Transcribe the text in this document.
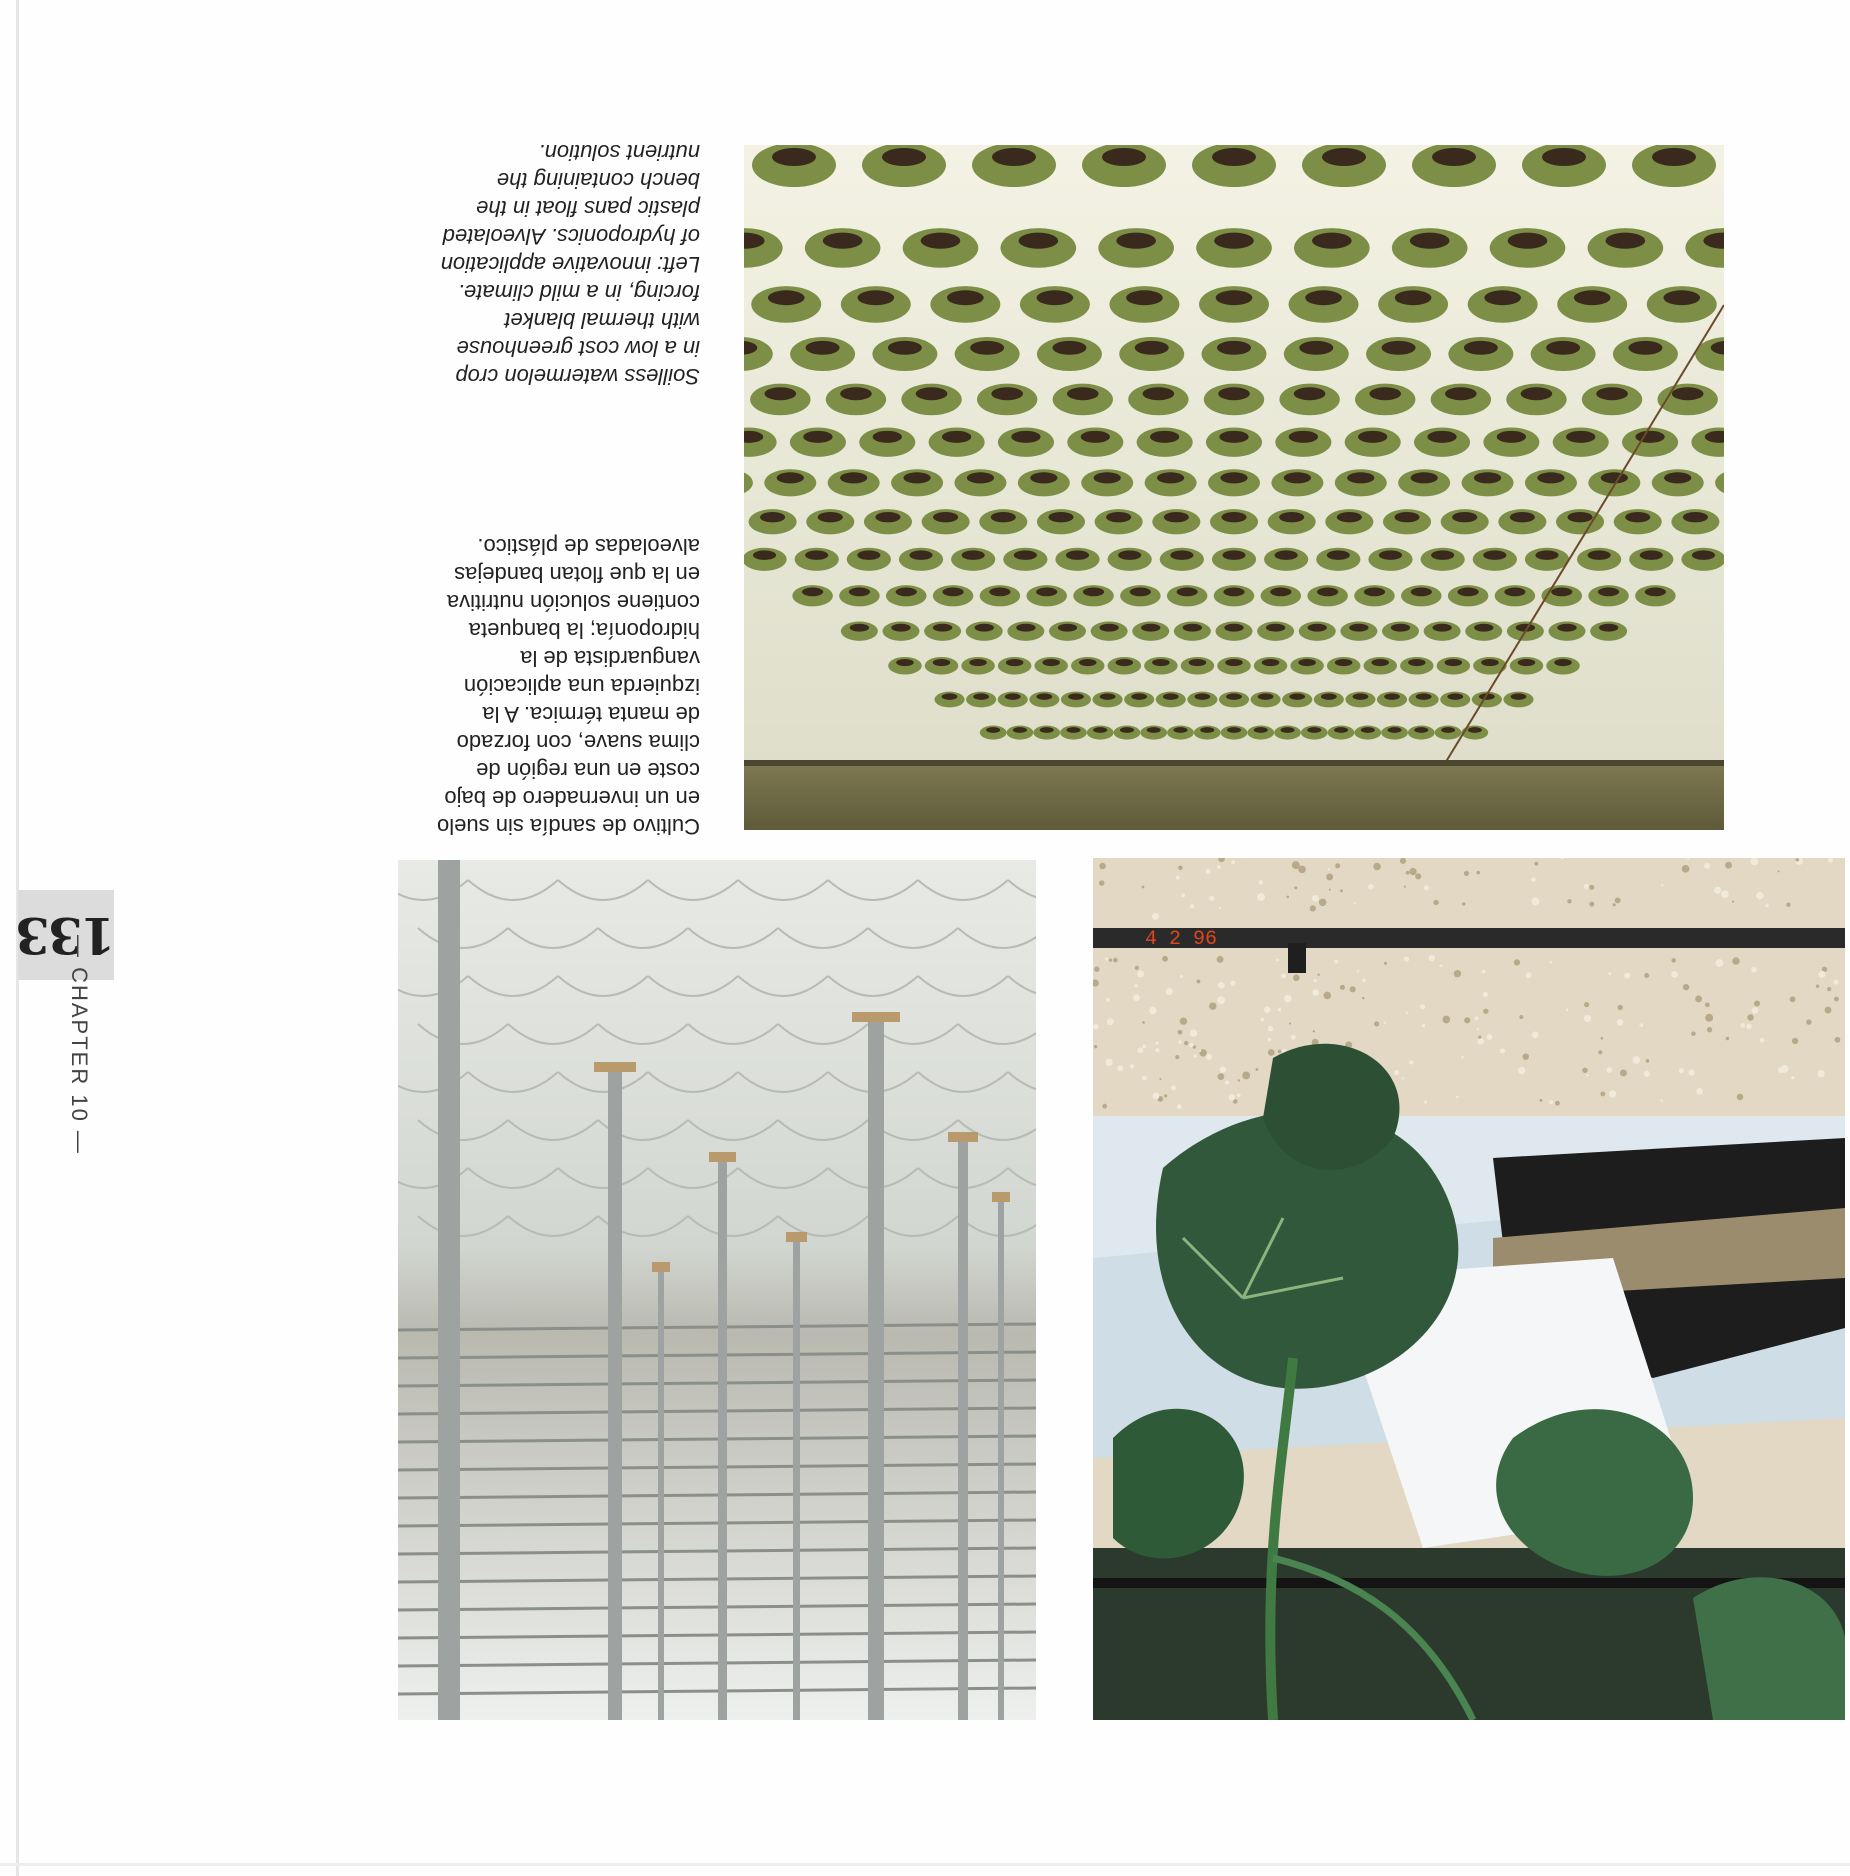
133
— CHAPTER 10 —
Soilless watermelon crop
in a low cost greenhouse
with thermal blanket
forcing, in a mild climate.
Left: innovative application
of hydroponics. Alveolated
plastic pans float in the
bench containing the
nutrient solution.
Cultivo de sandía sin suelo
en un invernadero de bajo
coste en una región de
clima suave, con forzado
de manta térmica. A la
izquierda una aplicación
vanguardista de la
hidroponía; la banqueta
contiene solución nutritiva
en la que flotan bandejas
alveoladas de plástico.
4 2 96
